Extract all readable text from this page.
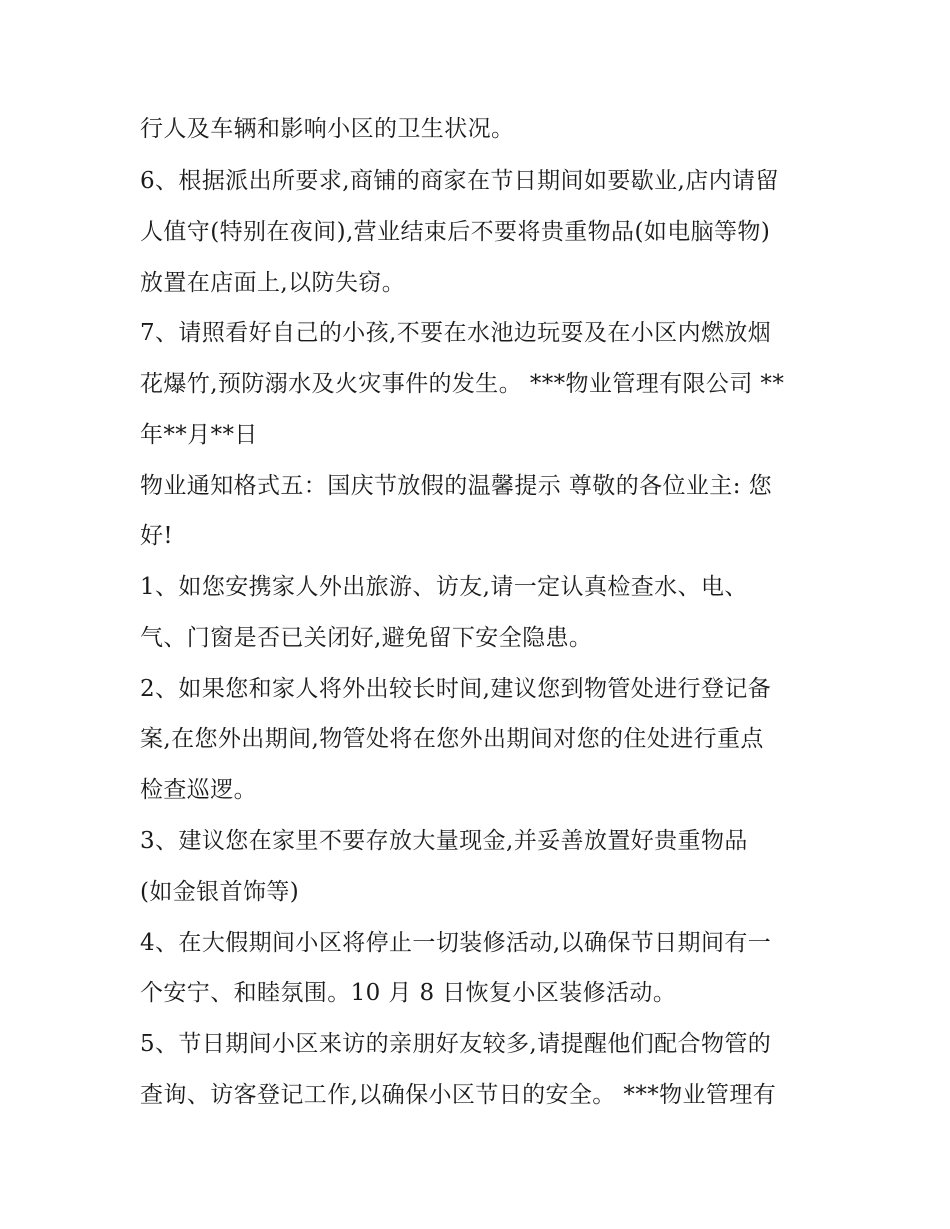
行人及车辆和影响小区的卫生状况。
6、根据派出所要求,商铺的商家在节日期间如要歇业,店内请留
人值守(特别在夜间),营业结束后不要将贵重物品(如电脑等物)
放置在店面上,以防失窃。
7、请照看好自己的小孩,不要在水池边玩耍及在小区内燃放烟
花爆竹,预防溺水及火灾事件的发生。 ***物业管理有限公司 **
年**月**日
物业通知格式五：国庆节放假的温馨提示 尊敬的各位业主: 您
好!
1、如您安携家人外出旅游、访友,请一定认真检查水、电、
气、门窗是否已关闭好,避免留下安全隐患。
2、如果您和家人将外出较长时间,建议您到物管处进行登记备
案,在您外出期间,物管处将在您外出期间对您的住处进行重点
检查巡逻。
3、建议您在家里不要存放大量现金,并妥善放置好贵重物品
(如金银首饰等)
4、在大假期间小区将停止一切装修活动,以确保节日期间有一
个安宁、和睦氛围。10 月 8 日恢复小区装修活动。
5、节日期间小区来访的亲朋好友较多,请提醒他们配合物管的
查询、访客登记工作,以确保小区节日的安全。 ***物业管理有
